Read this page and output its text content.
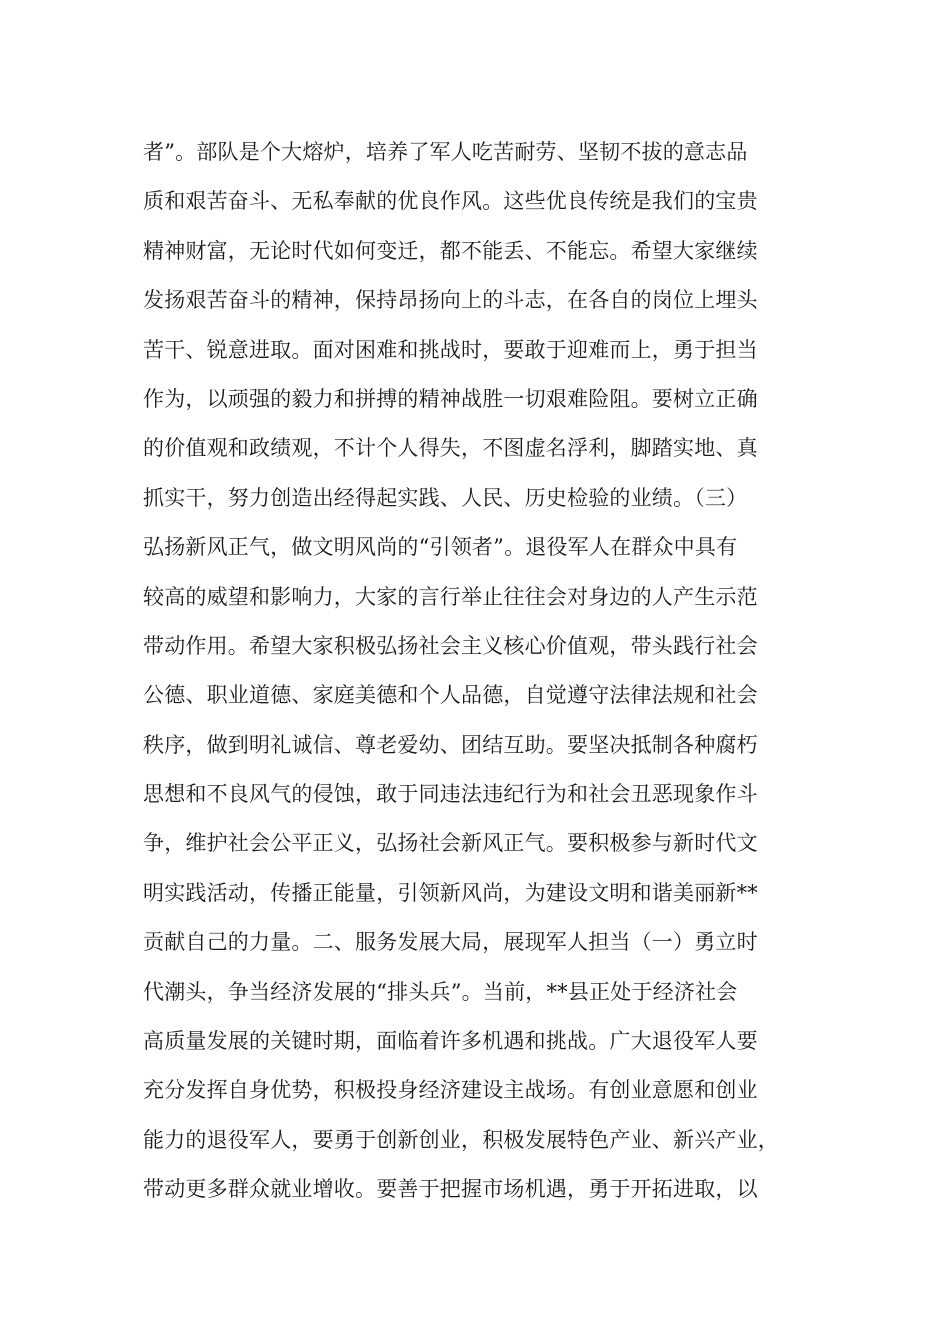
者”。部队是个大熔炉，培养了军人吃苦耐劳、坚韧不拔的意志品
质和艰苦奋斗、无私奉献的优良作风。这些优良传统是我们的宝贵
精神财富，无论时代如何变迁，都不能丢、不能忘。希望大家继续
发扬艰苦奋斗的精神，保持昂扬向上的斗志，在各自的岗位上埋头
苦干、锐意进取。面对困难和挑战时，要敢于迎难而上，勇于担当
作为，以顽强的毅力和拼搏的精神战胜一切艰难险阻。要树立正确
的价值观和政绩观，不计个人得失，不图虚名浮利，脚踏实地、真
抓实干，努力创造出经得起实践、人民、历史检验的业绩。（三）
弘扬新风正气，做文明风尚的“引领者”。退役军人在群众中具有
较高的威望和影响力，大家的言行举止往往会对身边的人产生示范
带动作用。希望大家积极弘扬社会主义核心价值观，带头践行社会
公德、职业道德、家庭美德和个人品德，自觉遵守法律法规和社会
秩序，做到明礼诚信、尊老爱幼、团结互助。要坚决抵制各种腐朽
思想和不良风气的侵蚀，敢于同违法违纪行为和社会丑恶现象作斗
争，维护社会公平正义，弘扬社会新风正气。要积极参与新时代文
明实践活动，传播正能量，引领新风尚，为建设文明和谐美丽新**
贡献自己的力量。二、服务发展大局，展现军人担当（一）勇立时
代潮头，争当经济发展的“排头兵”。当前，**县正处于经济社会
高质量发展的关键时期，面临着许多机遇和挑战。广大退役军人要
充分发挥自身优势，积极投身经济建设主战场。有创业意愿和创业
能力的退役军人，要勇于创新创业，积极发展特色产业、新兴产业，
带动更多群众就业增收。要善于把握市场机遇，勇于开拓进取，以
